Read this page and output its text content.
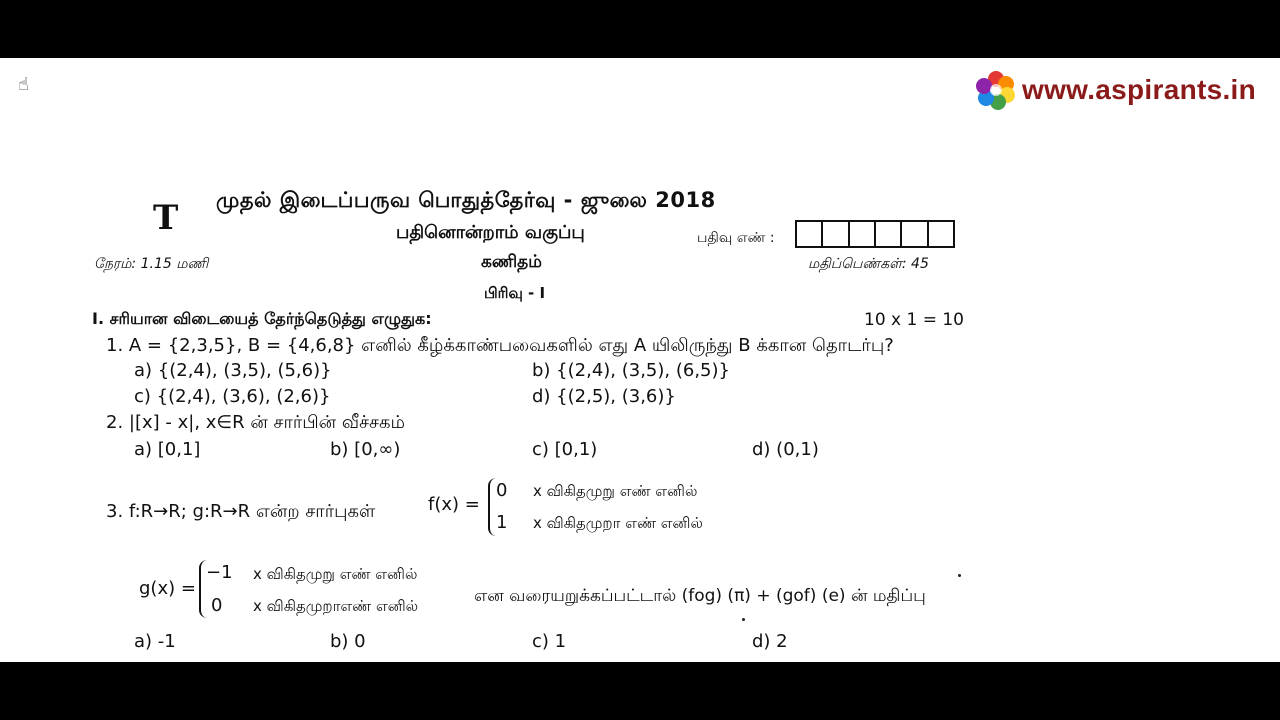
☝	www.aspirants.in
T முதல் இடைப்பருவ பொதுத்தேர்வு - ஜுலை 2018
பதினொன்றாம் வகுப்பு	பதிவு எண் :
நேரம்: 1.15 மணி	கணிதம்	மதிப்பெண்கள்: 45
பிரிவு - I
I. சரியான விடையைத் தேர்ந்தெடுத்து எழுதுக:	10 x 1 = 10
1. A = {2,3,5}, B = {4,6,8} எனில் கீழ்க்காண்பவைகளில் எது A யிலிருந்து B க்கான தொடர்பு?
a) {(2,4), (3,5), (5,6)}	b) {(2,4), (3,5), (6,5)}
c) {(2,4), (3,6), (2,6)}	d) {(2,5), (3,6)}
2. |[x] - x|, x∈R ன் சார்பின் வீச்சகம்
a) [0,1]	b) [0,∞)	c) [0,1)	d) (0,1)
3. f:R→R; g:R→R என்ற சார்புகள்	f(x) =
0 x விகிதமுறு எண் எனில்
1 x விகிதமுறா எண் எனில்
g(x) =
−1 x விகிதமுறு எண் எனில்
0 x விகிதமுறாஎண் எனில்	என வரையறுக்கப்பட்டால் (fog) (π) + (gof) (e) ன் மதிப்பு
a) -1	b) 0	c) 1	d) 2
